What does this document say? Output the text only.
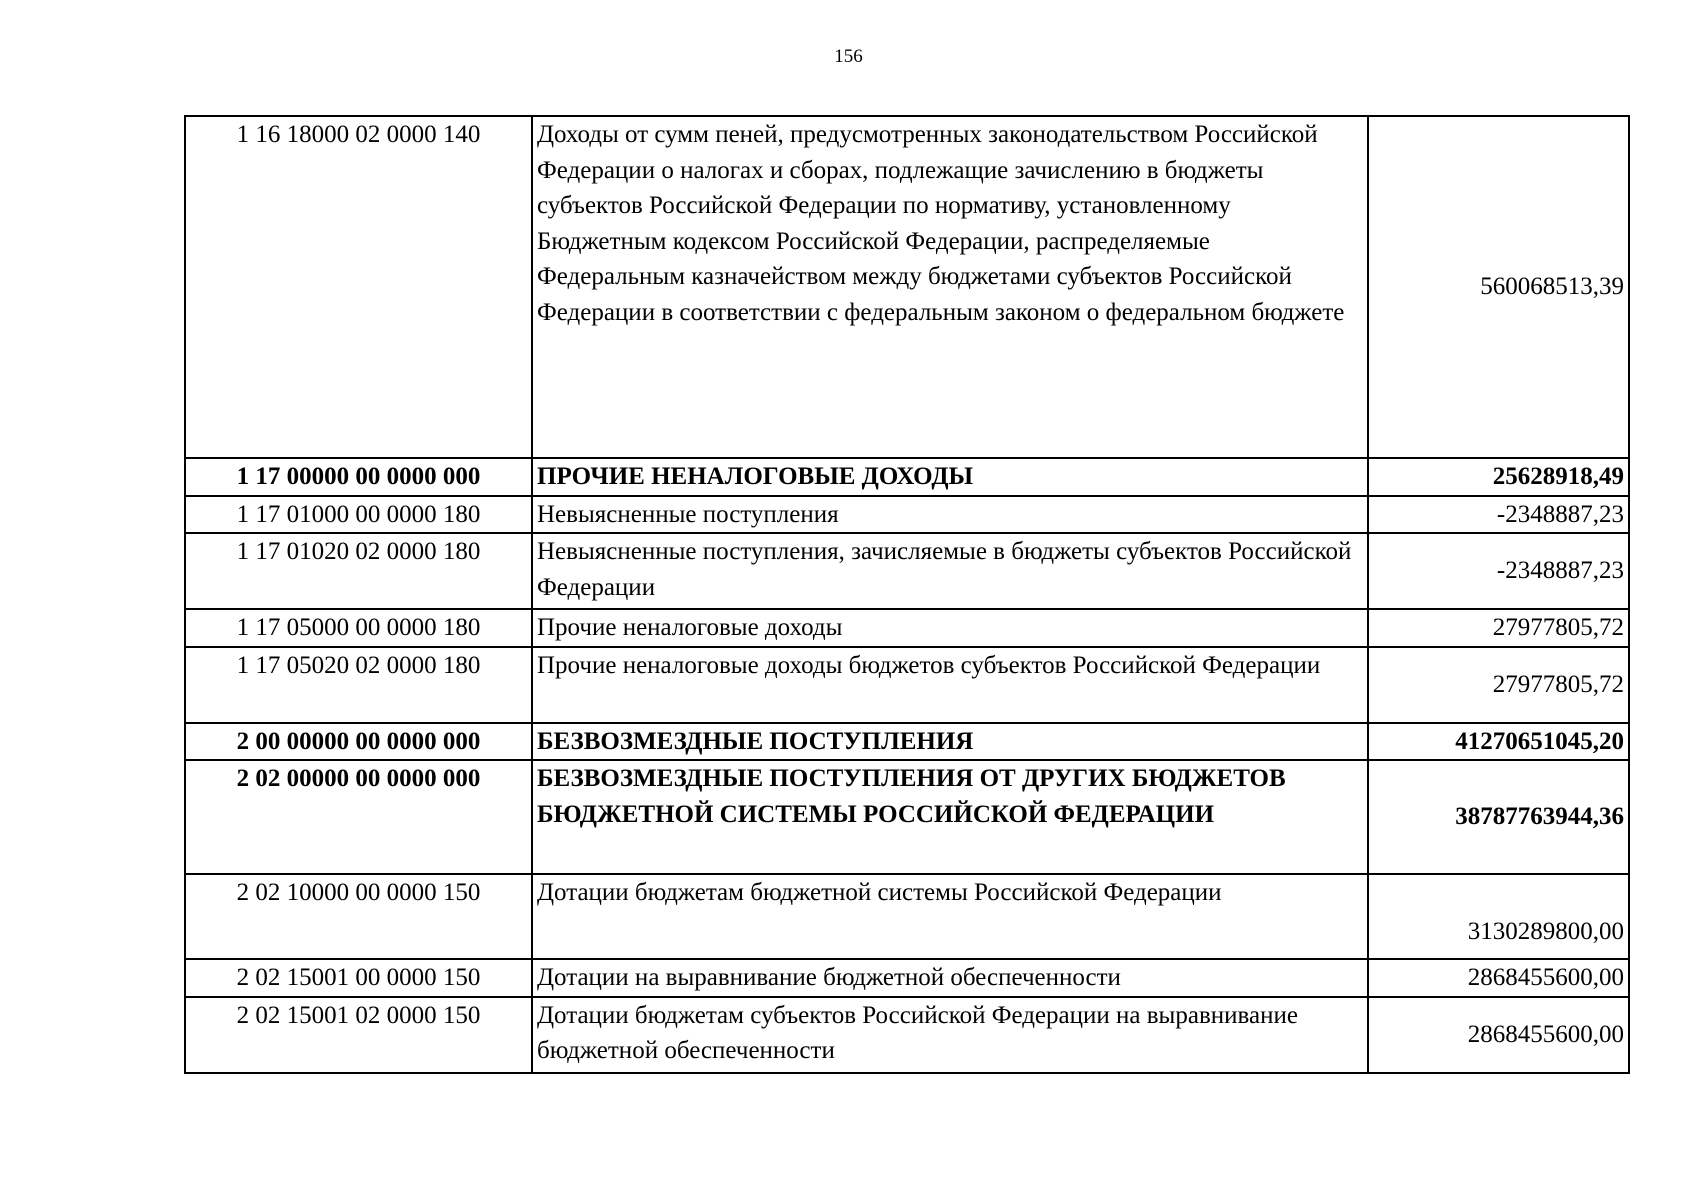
156
1 16 18000 02 0000 140	Доходы от сумм пеней, предусмотренных законодательством Российской Федерации о налогах и сборах, подлежащие зачислению в бюджеты субъектов Российской Федерации по нормативу, установленному Бюджетным кодексом Российской Федерации, распределяемые Федеральным казначейством между бюджетами субъектов Российской Федерации в соответствии с федеральным законом о федеральном бюджете	560068513,39
1 17 00000 00 0000 000	ПРОЧИЕ НЕНАЛОГОВЫЕ ДОХОДЫ	25628918,49
1 17 01000 00 0000 180	Невыясненные поступления	-2348887,23
1 17 01020 02 0000 180	Невыясненные поступления, зачисляемые в бюджеты субъектов Российской Федерации	-2348887,23
1 17 05000 00 0000 180	Прочие неналоговые доходы	27977805,72
1 17 05020 02 0000 180	Прочие неналоговые доходы бюджетов субъектов Российской Федерации	27977805,72
2 00 00000 00 0000 000	БЕЗВОЗМЕЗДНЫЕ ПОСТУПЛЕНИЯ	41270651045,20
2 02 00000 00 0000 000	БЕЗВОЗМЕЗДНЫЕ ПОСТУПЛЕНИЯ ОТ ДРУГИХ БЮДЖЕТОВ БЮДЖЕТНОЙ СИСТЕМЫ РОССИЙСКОЙ ФЕДЕРАЦИИ	38787763944,36
2 02 10000 00 0000 150	Дотации бюджетам бюджетной системы Российской Федерации	3130289800,00
2 02 15001 00 0000 150	Дотации на выравнивание бюджетной обеспеченности	2868455600,00
2 02 15001 02 0000 150	Дотации бюджетам субъектов Российской Федерации на выравнивание бюджетной обеспеченности	2868455600,00
